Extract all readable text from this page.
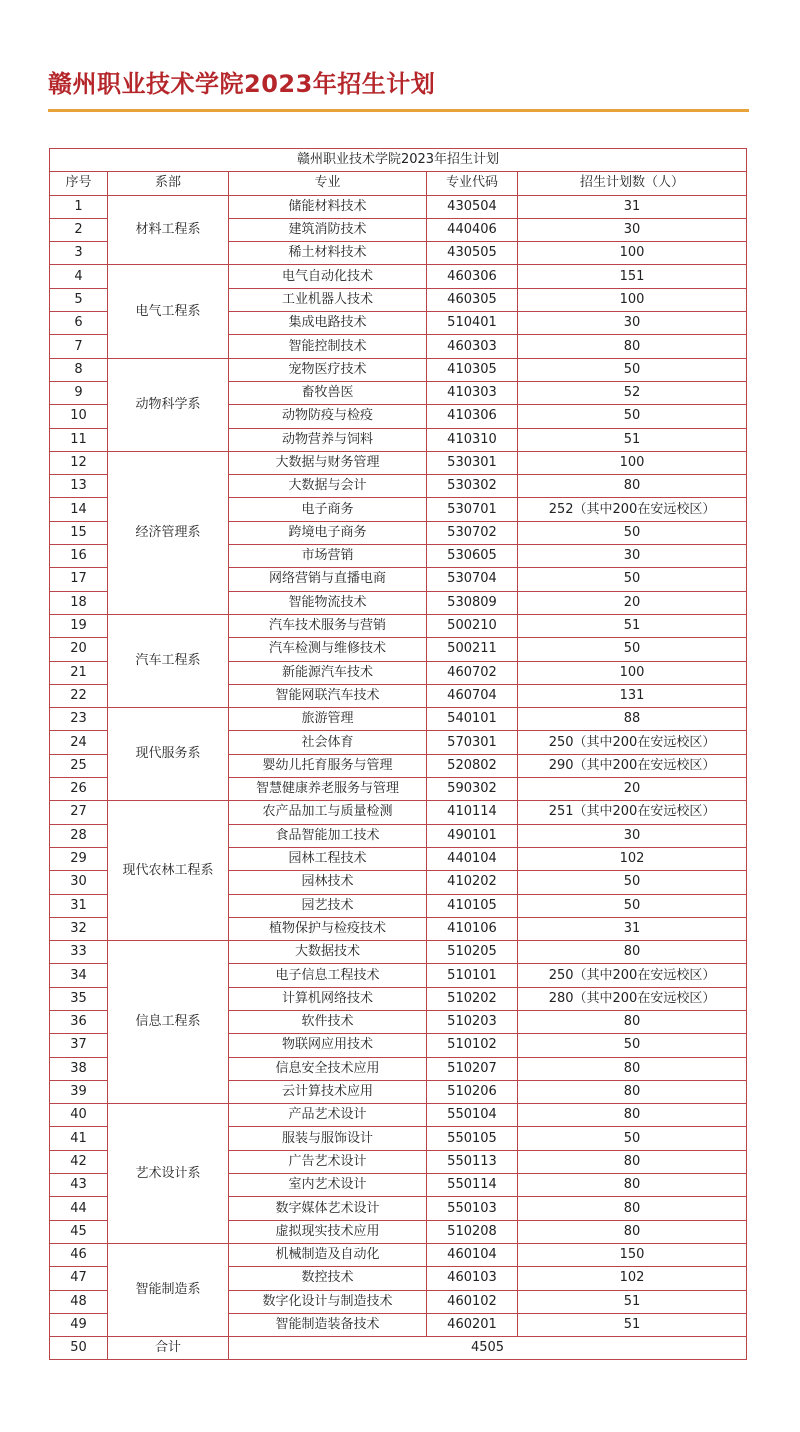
赣州职业技术学院2023年招生计划
赣州职业技术学院2023年招生计划				
序号	系部	专业	专业代码	招生计划数（人）
1	材料工程系	储能材料技术	430504	31
2		建筑消防技术	440406	30
3		稀土材料技术	430505	100
4	电气工程系	电气自动化技术	460306	151
5		工业机器人技术	460305	100
6		集成电路技术	510401	30
7		智能控制技术	460303	80
8	动物科学系	宠物医疗技术	410305	50
9		畜牧兽医	410303	52
10		动物防疫与检疫	410306	50
11		动物营养与饲料	410310	51
12	经济管理系	大数据与财务管理	530301	100
13		大数据与会计	530302	80
14		电子商务	530701	252（其中200在安远校区）
15		跨境电子商务	530702	50
16		市场营销	530605	30
17		网络营销与直播电商	530704	50
18		智能物流技术	530809	20
19	汽车工程系	汽车技术服务与营销	500210	51
20		汽车检测与维修技术	500211	50
21		新能源汽车技术	460702	100
22		智能网联汽车技术	460704	131
23	现代服务系	旅游管理	540101	88
24		社会体育	570301	250（其中200在安远校区）
25		婴幼儿托育服务与管理	520802	290（其中200在安远校区）
26		智慧健康养老服务与管理	590302	20
27	现代农林工程系	农产品加工与质量检测	410114	251（其中200在安远校区）
28		食品智能加工技术	490101	30
29		园林工程技术	440104	102
30		园林技术	410202	50
31		园艺技术	410105	50
32		植物保护与检疫技术	410106	31
33	信息工程系	大数据技术	510205	80
34		电子信息工程技术	510101	250（其中200在安远校区）
35		计算机网络技术	510202	280（其中200在安远校区）
36		软件技术	510203	80
37		物联网应用技术	510102	50
38		信息安全技术应用	510207	80
39		云计算技术应用	510206	80
40	艺术设计系	产品艺术设计	550104	80
41		服装与服饰设计	550105	50
42		广告艺术设计	550113	80
43		室内艺术设计	550114	80
44		数字媒体艺术设计	550103	80
45		虚拟现实技术应用	510208	80
46	智能制造系	机械制造及自动化	460104	150
47		数控技术	460103	102
48		数字化设计与制造技术	460102	51
49		智能制造装备技术	460201	51
50	合计	4505		
